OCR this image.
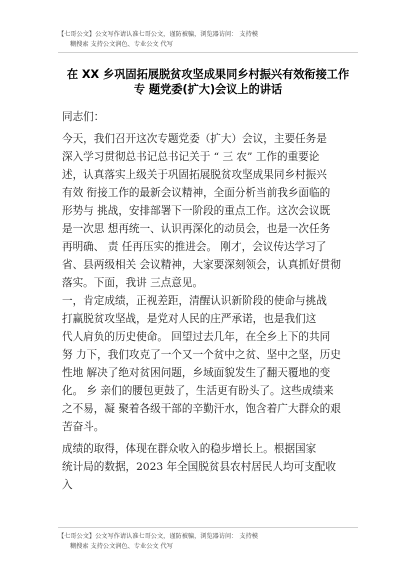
【七哥公文】公文写作请认准七哥公文，谨防被骗，浏览器访问： 支持模
糊搜索 支持公文润色、专业公文 代写
在 XX 乡巩固拓展脱贫攻坚成果同乡村振兴有效衔接工作
专 题党委(扩大)会议上的讲话
同志们：
今天，我们召开这次专题党委（扩大）会议，主要任务是
深入学习贯彻总书记总书记关于 “ 三 农” 工作的重要论
述，认真落实上级关于巩固拓展脱贫攻坚成果同乡村振兴
有效 衔接工作的最新会议精神，全面分析当前我乡面临的
形势与 挑战，安排部署下一阶段的重点工作。这次会议既
是一次思 想再统一、认识再深化的动员会，也是一次任务
再明确、 责 任再压实的推进会。 刚才，会议传达学习了
省、县两级相关 会议精神，大家要深刻领会，认真抓好贯彻
落实。下面，我讲 三点意见。
一，肯定成绩，正视差距，清醒认识新阶段的使命与挑战
打赢脱贫攻坚战，是党对人民的庄严承诺，也是我们这
代人肩负的历史使命。 回望过去几年，在全乡上下的共同
努 力下，我们攻克了一个又一个贫中之贫、坚中之坚，历史
性地 解决了绝对贫困问题，乡域面貌发生了翻天覆地的变
化。 乡 亲们的腰包更鼓了，生活更有盼头了。这些成绩来
之不易，凝 聚着各级干部的辛勤汗水，饱含着广大群众的艰
苦奋斗。
成绩的取得，体现在群众收入的稳步增长上。根据国家
统计局的数据，2023 年全国脱贫县农村居民人均可支配收
入
【七哥公文】公文写作请认准七哥公文，谨防被骗，浏览器访问： 支持模
糊搜索 支持公文润色、专业公文 代写
